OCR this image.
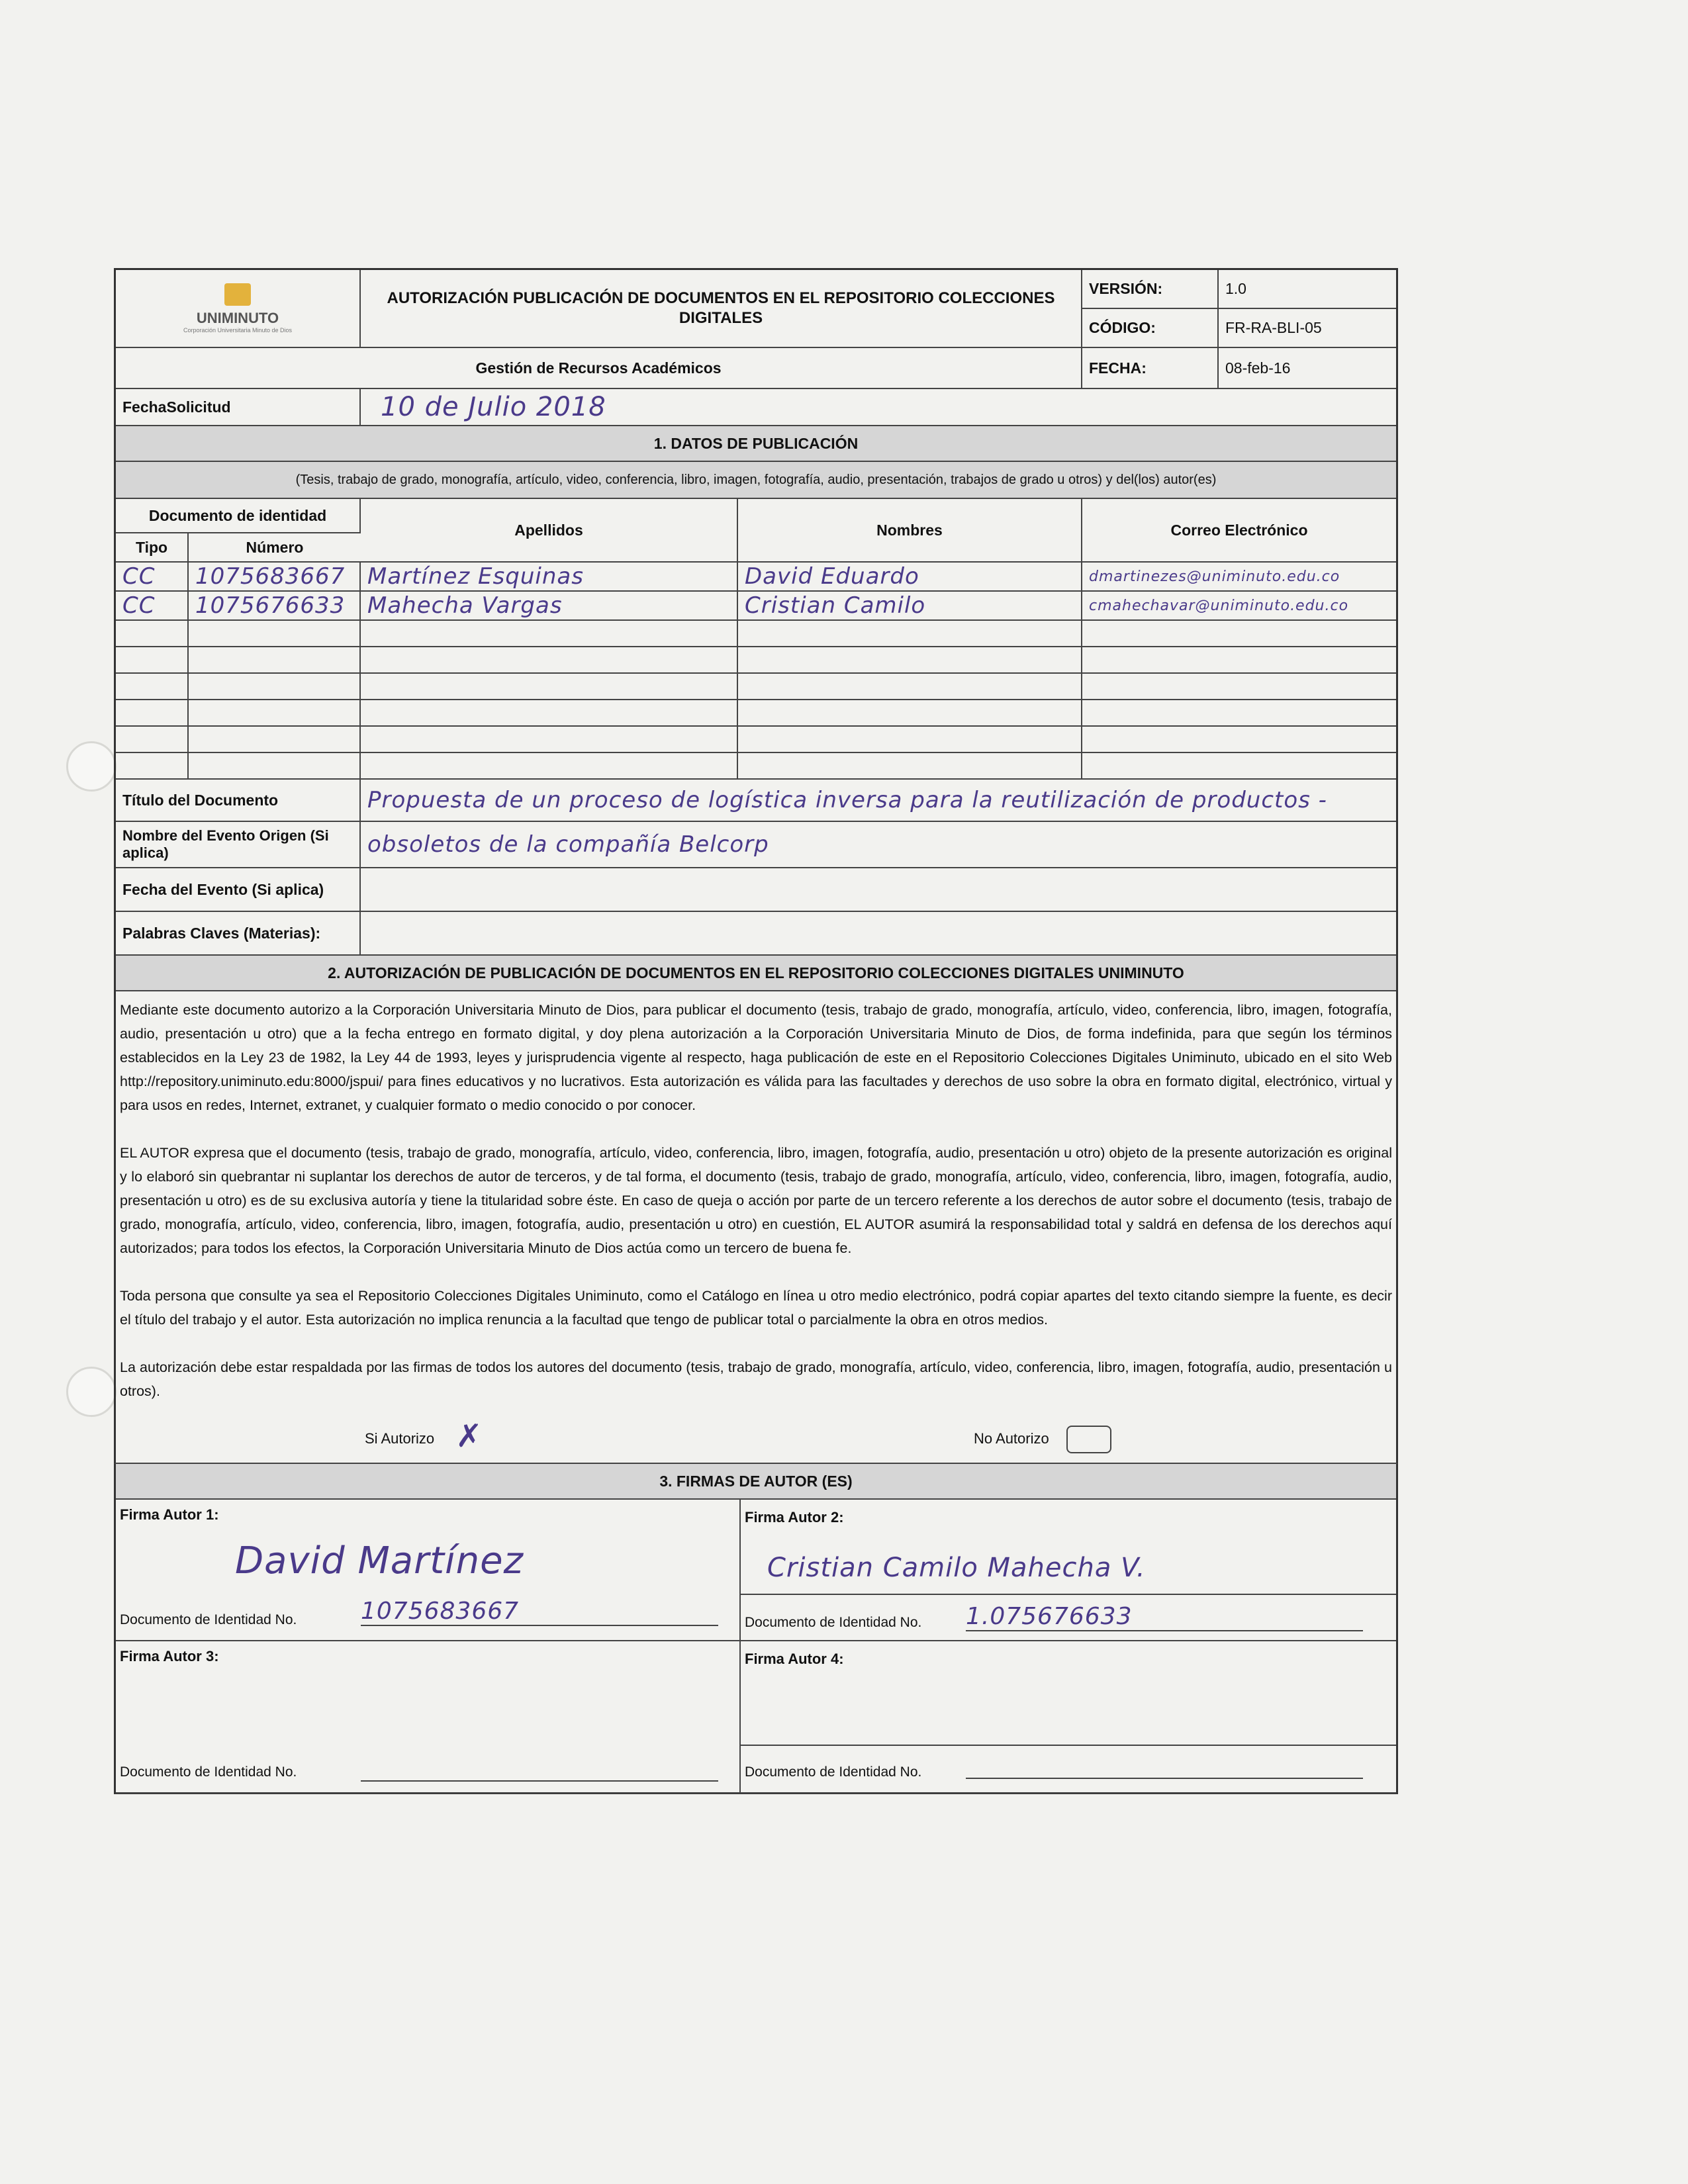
UNIMINUTO
Corporación Universitaria Minuto de Dios
AUTORIZACIÓN PUBLICACIÓN DE DOCUMENTOS EN EL REPOSITORIO COLECCIONES DIGITALES
VERSIÓN:	1.0
CÓDIGO:	FR-RA-BLI-05
Gestión de Recursos Académicos	FECHA:	08-feb-16
FechaSolicitud	10 de Julio 2018
1. DATOS DE PUBLICACIÓN
(Tesis, trabajo de grado, monografía, artículo, video, conferencia, libro, imagen, fotografía, audio, presentación, trabajos de grado u otros) y del(los) autor(es)
Documento de identidad
Tipo	Número
Apellidos	Nombres	Correo Electrónico
CC	1075683667 Martínez Esquinas	David Eduardo	dmartinezes@uniminuto.edu.co
CC	1075676633 Mahecha Vargas	Cristian Camilo	cmahechavar@uniminuto.edu.co
Título del Documento	Propuesta de un proceso de logística inversa para la reutilización de productos -
Nombre del Evento Origen (Si aplica)	obsoletos de la compañía Belcorp
Fecha del Evento (Si aplica)
Palabras Claves (Materias):
2. AUTORIZACIÓN DE PUBLICACIÓN DE DOCUMENTOS EN EL REPOSITORIO COLECCIONES DIGITALES UNIMINUTO

Mediante este documento autorizo a la Corporación Universitaria Minuto de Dios, para publicar el documento (tesis, trabajo de grado, monografía, artículo, video, conferencia, libro, imagen, fotografía, audio, presentación u otro) que a la fecha entrego en formato digital, y doy plena autorización a la Corporación Universitaria Minuto de Dios, de forma indefinida, para que según los términos establecidos en la Ley 23 de 1982, la Ley 44 de 1993, leyes y jurisprudencia vigente al respecto, haga publicación de este en el Repositorio Colecciones Digitales Uniminuto, ubicado en el sito Web http://repository.uniminuto.edu:8000/jspui/ para fines educativos y no lucrativos. Esta autorización es válida para las facultades y derechos de uso sobre la obra en formato digital, electrónico, virtual y para usos en redes, Internet, extranet, y cualquier formato o medio conocido o por conocer.

EL AUTOR expresa que el documento (tesis, trabajo de grado, monografía, artículo, video, conferencia, libro, imagen, fotografía, audio, presentación u otro) objeto de la presente autorización es original y lo elaboró sin quebrantar ni suplantar los derechos de autor de terceros, y de tal forma, el documento (tesis, trabajo de grado, monografía, artículo, video, conferencia, libro, imagen, fotografía, audio, presentación u otro) es de su exclusiva autoría y tiene la titularidad sobre éste. En caso de queja o acción por parte de un tercero referente a los derechos de autor sobre el documento (tesis, trabajo de grado, monografía, artículo, video, conferencia, libro, imagen, fotografía, audio, presentación u otro) en cuestión, EL AUTOR asumirá la responsabilidad total y saldrá en defensa de los derechos aquí autorizados; para todos los efectos, la Corporación Universitaria Minuto de Dios actúa como un tercero de buena fe.

Toda persona que consulte ya sea el Repositorio Colecciones Digitales Uniminuto, como el Catálogo en línea u otro medio electrónico, podrá copiar apartes del texto citando siempre la fuente, es decir el título del trabajo y el autor. Esta autorización no implica renuncia a la facultad que tengo de publicar total o parcialmente la obra en otros medios.

La autorización debe estar respaldada por las firmas de todos los autores del documento (tesis, trabajo de grado, monografía, artículo, video, conferencia, libro, imagen, fotografía, audio, presentación u otros).

Si Autorizo ✗	No Autorizo
3. FIRMAS DE AUTOR (ES)
Firma Autor 1:
David Martínez
Documento de Identidad No.	1075683667
Firma Autor 2:
Cristian Camilo Mahecha V.
Documento de Identidad No. 1.075676633
Firma Autor 3:
Documento de Identidad No.
Firma Autor 4:
Documento de Identidad No.
